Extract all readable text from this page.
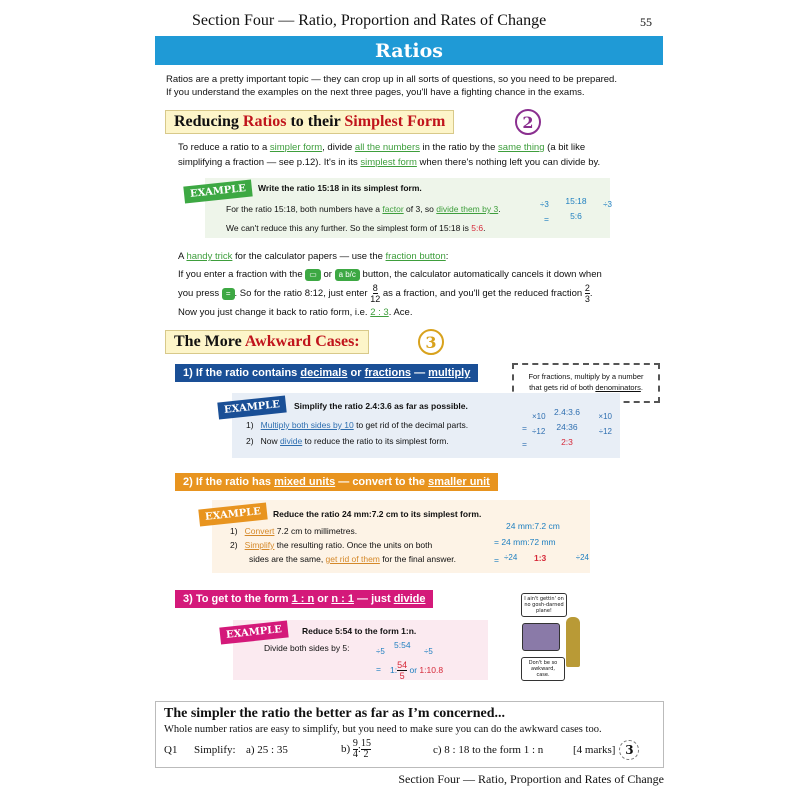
Section Four — Ratio, Proportion and Rates of Change	55
Ratios
Ratios are a pretty important topic — they can crop up in all sorts of questions, so you need to be prepared.
If you understand the examples on the next three pages, you'll have a fighting chance in the exams.
Reducing Ratios to their Simplest Form	2
To reduce a ratio to a simpler form, divide all the numbers in the ratio by the same thing (a bit like
simplifying a fraction — see p.12). It's in its simplest form when there's nothing left you can divide by.
EXAMPLE	Write the ratio 15:18 in its simplest form.
For the ratio 15:18, both numbers have a factor of 3, so divide them by 3.
We can't reduce this any further. So the simplest form of 15:18 is 5:6.
15:18
5:6
÷3	÷3
=
A handy trick for the calculator papers — use the fraction button:
If you enter a fraction with the ▭ or a b/c button, the calculator automatically cancels it down when
you press = . So for the ratio 8:12, just enter $\frac{8}{12}$ as a fraction, and you'll get the reduced fraction $\frac{2}{3}$ .
Now you just change it back to ratio form, i.e. 2 : 3. Ace.
The More Awkward Cases:	3
1) If the ratio contains decimals or fractions — multiply	For fractions, multiply by a number
that gets rid of both denominators.
EXAMPLE	Simplify the ratio 2.4:3.6 as far as possible.
1) Multiply both sides by 10 to get rid of the decimal parts.
2) Now divide to reduce the ratio to its simplest form.
2.4:3.6
24:36
2:3
×10	×10
÷12	÷12
=
=
2) If the ratio has mixed units — convert to the smaller unit
EXAMPLE	Reduce the ratio 24 mm:7.2 cm to its simplest form.
1) Convert 7.2 cm to millimetres.
2) Simplify the resulting ratio. Once the units on both
sides are the same, get rid of them for the final answer.
24 mm:7.2 cm
= 24 mm:72 mm
1:3
÷24	÷24
=
3) To get to the form 1 : n or n : 1 — just divide
EXAMPLE	Reduce 5:54 to the form 1:n.
Divide both sides by 5:	5:54
1: $\frac{54}{5}$ or 1:10.8
÷5	÷5
=
I ain't gettin' on no gosh-darned plane!
Don't be so awkward, case.
The simpler the ratio the better as far as I’m concerned...
Whole number ratios are easy to simplify, but you need to make sure you can do the awkward cases too.
Q1	Simplify: a) 25 : 35	$b) \frac{9}{4}$ : $\frac{15}{2}$	c) 8 : 18 to the form 1 : n	[4 marks] 3
Section Four — Ratio, Proportion and Rates of Change
